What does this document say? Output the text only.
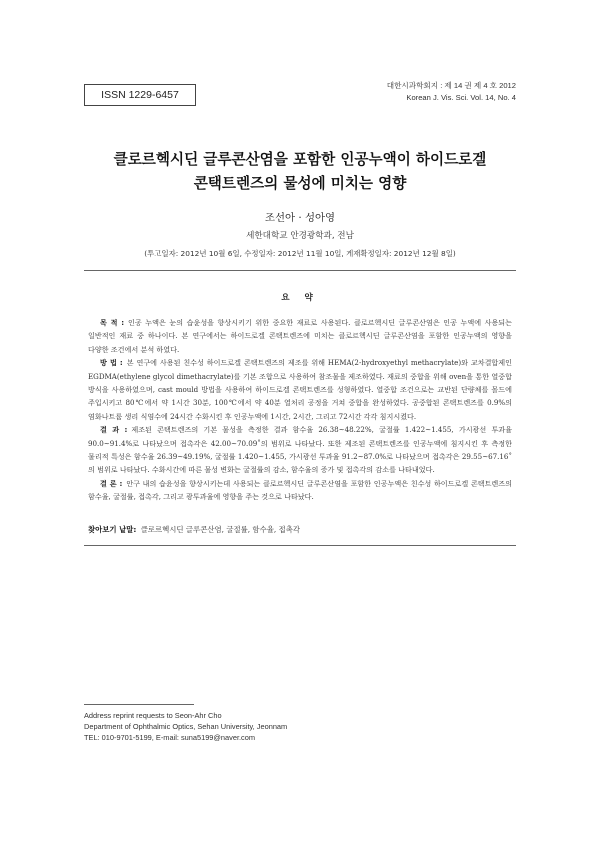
ISSN 1229-6457
대한시과학회지 : 제 14 권 제 4 호 2012
Korean J. Vis. Sci. Vol. 14, No. 4
클로르헥시딘 글루콘산염을 포함한 인공누액이 하이드로겔
콘택트렌즈의 물성에 미치는 영향
조선아 · 성아영
세한대학교 안경광학과, 전남
(투고일자: 2012년 10월 6일, 수정일자: 2012년 11월 10일, 게재확정일자: 2012년 12월 8일)
요 약

목 적 : 인공 누액은 눈의 습윤성을 향상시키기 위한 중요한 재료로 사용된다. 클로르헥시딘 글루콘산염은 인공 누액에 사용되는 일반적인 재료 중 하나이다. 본 연구에서는 하이드로겔 콘택트렌즈에 미치는 클로르헥시딘 글루콘산염을 포함한 인공누액의 영향을 다양한 조건에서 분석 하였다.

방 법 : 본 연구에 사용된 친수성 하이드로겔 콘택트렌즈의 제조를 위해 HEMA(2-hydroxyethyl methacrylate)와 교차결합제인 EGDMA(ethylene glycol dimethacrylate)를 기본 조합으로 사용하여 참조물을 제조하였다. 재료의 중합을 위해 oven을 통한 열중합 방식을 사용하였으며, cast mould 방법을 사용하여 하이드로겔 콘택트렌즈를 성형하였다. 열중합 조건으로는 교반된 단량체를 몰드에 주입시키고 80℃에서 약 1시간 30분, 100℃에서 약 40분 열처리 공정을 거쳐 중합을 완성하였다. 공중합된 콘택트렌즈를 0.9%의 염화나트륨 생리 식염수에 24시간 수화시킨 후 인공누액에 1시간, 2시간, 그리고 72시간 각각 침지시켰다.

결 과 : 제조된 콘택트렌즈의 기본 물성을 측정한 결과 함수율 26.38~48.22%, 굴절률 1.422~1.455, 가시광선 투과율 90.0~91.4%로 나타났으며 접촉각은 42.00~70.09˚의 범위로 나타났다. 또한 제조된 콘택트렌즈를 인공누액에 침지시킨 후 측정한 물리적 특성은 함수율 26.39~49.19%, 굴절률 1.420~1.455, 가시광선 투과율 91.2~87.0%로 나타났으며 접촉각은 29.55~67.16˚의 범위로 나타났다. 수화시간에 따른 물성 변화는 굴절률의 감소, 함수율의 증가 및 접촉각의 감소를 나타내었다.

결 론 : 안구 내의 습윤성을 향상시키는데 사용되는 클로르헥시딘 글루콘산염을 포함한 인공누액은 친수성 하이드로겔 콘택트렌즈의 함수율, 굴절률, 접촉각, 그리고 광투과율에 영향을 주는 것으로 나타났다.

찾아보기 낱말: 클로르헥시딘 글루콘산염, 굴절률, 함수율, 접촉각
Address reprint requests to Seon-Ahr Cho
Department of Ophthalmic Optics, Sehan University, Jeonnam
TEL: 010-9701-5199, E-mail: suna5199@naver.com
